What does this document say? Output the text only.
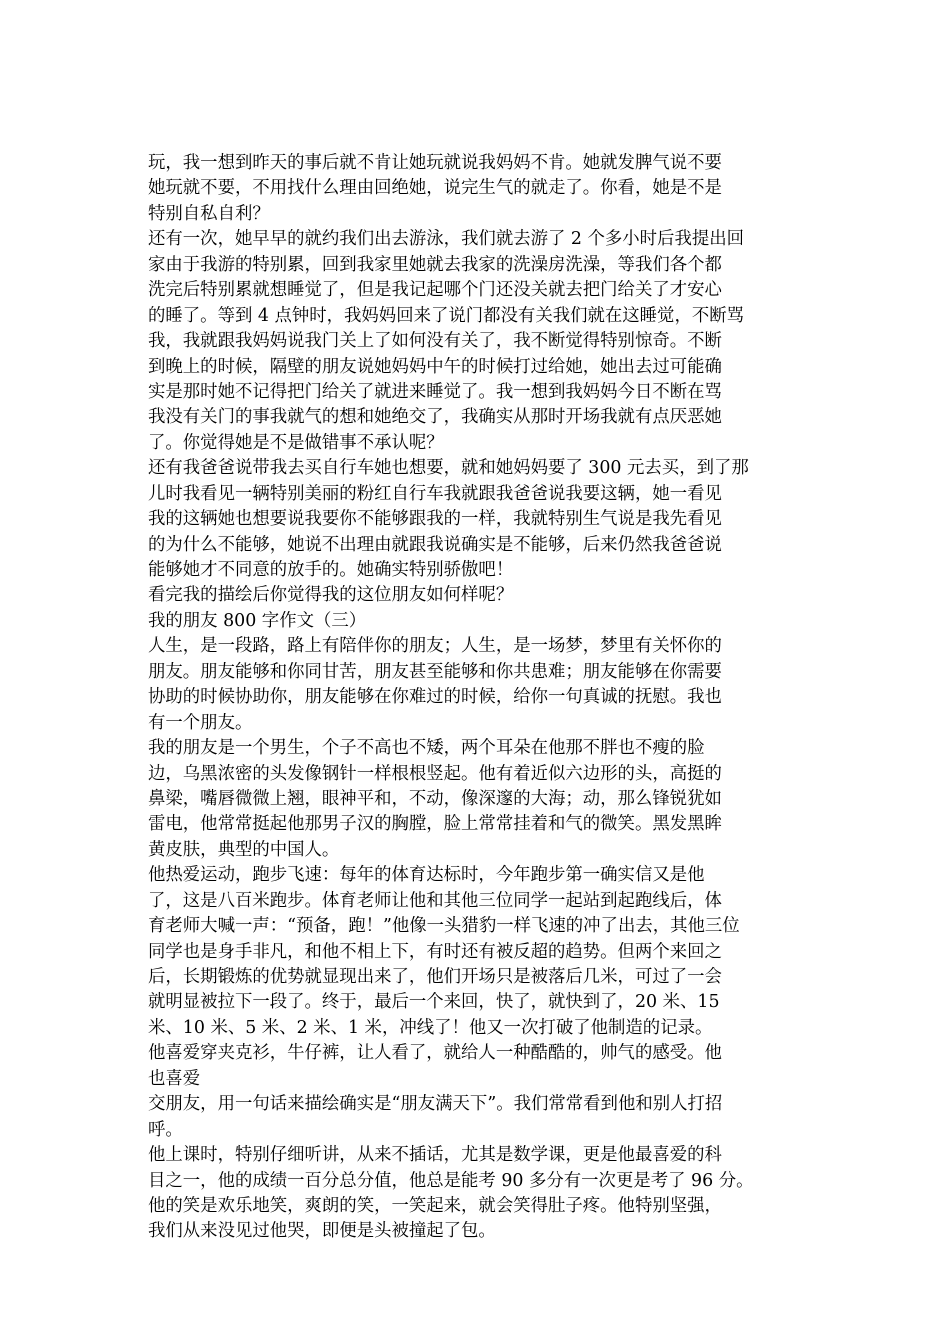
玩，我一想到昨天的事后就不肯让她玩就说我妈妈不肯。她就发脾气说不要
她玩就不要，不用找什么理由回绝她，说完生气的就走了。你看，她是不是
特别自私自利？
还有一次，她早早的就约我们出去游泳，我们就去游了 2 个多小时后我提出回
家由于我游的特别累，回到我家里她就去我家的洗澡房洗澡，等我们各个都
洗完后特别累就想睡觉了，但是我记起哪个门还没关就去把门给关了才安心
的睡了。等到 4 点钟时，我妈妈回来了说门都没有关我们就在这睡觉，不断骂
我，我就跟我妈妈说我门关上了如何没有关了，我不断觉得特别惊奇。不断
到晚上的时候，隔壁的朋友说她妈妈中午的时候打过给她，她出去过可能确
实是那时她不记得把门给关了就进来睡觉了。我一想到我妈妈今日不断在骂
我没有关门的事我就气的想和她绝交了，我确实从那时开场我就有点厌恶她
了。你觉得她是不是做错事不承认呢？
还有我爸爸说带我去买自行车她也想要，就和她妈妈要了 300 元去买，到了那
儿时我看见一辆特别美丽的粉红自行车我就跟我爸爸说我要这辆，她一看见
我的这辆她也想要说我要你不能够跟我的一样，我就特别生气说是我先看见
的为什么不能够，她说不出理由就跟我说确实是不能够，后来仍然我爸爸说
能够她才不同意的放手的。她确实特别骄傲吧！
看完我的描绘后你觉得我的这位朋友如何样呢？
我的朋友 800 字作文（三）
人生，是一段路，路上有陪伴你的朋友；人生，是一场梦，梦里有关怀你的
朋友。朋友能够和你同甘苦，朋友甚至能够和你共患难；朋友能够在你需要
协助的时候协助你，朋友能够在你难过的时候，给你一句真诚的抚慰。我也
有一个朋友。
我的朋友是一个男生，个子不高也不矮，两个耳朵在他那不胖也不瘦的脸
边，乌黑浓密的头发像钢针一样根根竖起。他有着近似六边形的头，高挺的
鼻梁，嘴唇微微上翘，眼神平和，不动，像深邃的大海；动，那么锋锐犹如
雷电，他常常挺起他那男子汉的胸膛，脸上常常挂着和气的微笑。黑发黑眸
黄皮肤，典型的中国人。
他热爱运动，跑步飞速：每年的体育达标时，今年跑步第一确实信又是他
了，这是八百米跑步。体育老师让他和其他三位同学一起站到起跑线后，体
育老师大喊一声：“预备，跑！”他像一头猎豹一样飞速的冲了出去，其他三位
同学也是身手非凡，和他不相上下，有时还有被反超的趋势。但两个来回之
后，长期锻炼的优势就显现出来了，他们开场只是被落后几米，可过了一会
就明显被拉下一段了。终于，最后一个来回，快了，就快到了，20 米、15
米、10 米、5 米、2 米、1 米，冲线了！他又一次打破了他制造的记录。
他喜爱穿夹克衫，牛仔裤，让人看了，就给人一种酷酷的，帅气的感受。他
也喜爱
交朋友，用一句话来描绘确实是“朋友满天下”。我们常常看到他和别人打招
呼。
他上课时，特别仔细听讲，从来不插话，尤其是数学课，更是他最喜爱的科
目之一，他的成绩一百分总分值，他总是能考 90 多分有一次更是考了 96 分。
他的笑是欢乐地笑，爽朗的笑，一笑起来，就会笑得肚子疼。他特别坚强，
我们从来没见过他哭，即便是头被撞起了包。
